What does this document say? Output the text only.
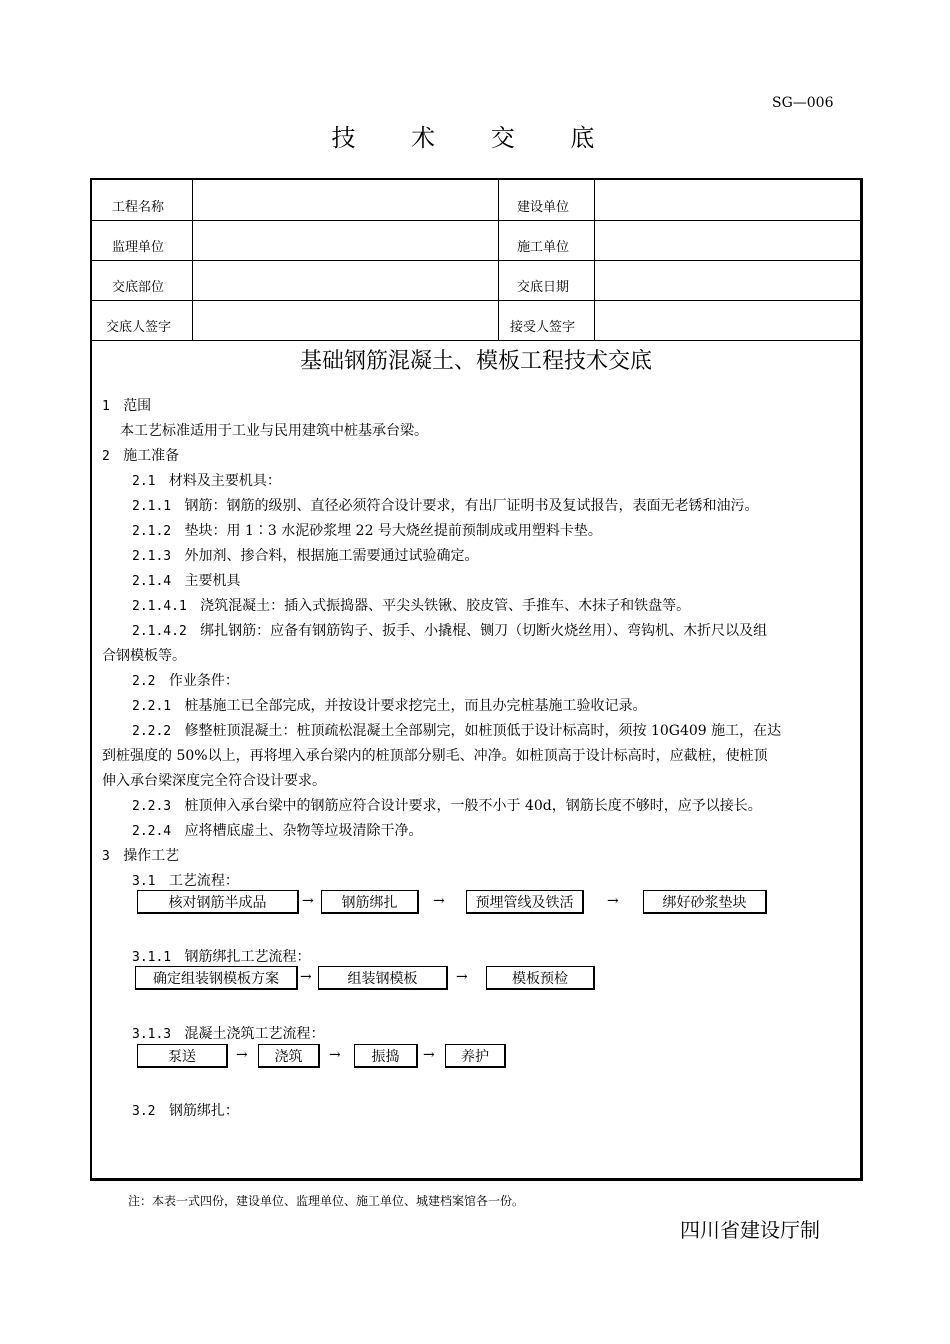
SG—006
技 术 交 底
工程名称	建设单位
监理单位	施工单位
交底部位	交底日期
交底人签字	接受人签字
基础钢筋混凝土、模板工程技术交底
1 范围
本工艺标准适用于工业与民用建筑中桩基承台梁。
2 施工准备
2.1 材料及主要机具：
2.1.1 钢筋：钢筋的级别、直径必须符合设计要求，有出厂证明书及复试报告，表面无老锈和油污。
2.1.2 垫块：用 1∶3 水泥砂浆埋 22 号大烧丝提前预制成或用塑料卡垫。
2.1.3 外加剂、掺合料，根据施工需要通过试验确定。
2.1.4 主要机具
2.1.4.1 浇筑混凝土：插入式振捣器、平尖头铁锹、胶皮管、手推车、木抹子和铁盘等。
2.1.4.2 绑扎钢筋：应备有钢筋钩子、扳手、小撬棍、铡刀（切断火烧丝用）、弯钩机、木折尺以及组
合钢模板等。
2.2 作业条件：
2.2.1 桩基施工已全部完成，并按设计要求挖完土，而且办完桩基施工验收记录。
2.2.2 修整桩顶混凝土：桩顶疏松混凝土全部剔完，如桩顶低于设计标高时，须按 10G409 施工，在达
到桩强度的 50%以上，再将埋入承台梁内的桩顶部分剔毛、冲净。如桩顶高于设计标高时，应截桩，使桩顶
伸入承台梁深度完全符合设计要求。
2.2.3 桩顶伸入承台梁中的钢筋应符合设计要求，一般不小于 40d，钢筋长度不够时，应予以接长。
2.2.4 应将槽底虚土、杂物等垃圾清除干净。
3 操作工艺
3.1 工艺流程：
核对钢筋半成品	→	钢筋绑扎	→	预埋管线及铁活	→	绑好砂浆垫块
3.1.1 钢筋绑扎工艺流程：
确定组装钢模板方案	→	组装钢模板	→	模板预检
3.1.3 混凝土浇筑工艺流程：
泵送	→	浇筑	→	振捣	→	养护
3.2 钢筋绑扎：
注：本表一式四份，建设单位、监理单位、施工单位、城建档案馆各一份。
四川省建设厅制
